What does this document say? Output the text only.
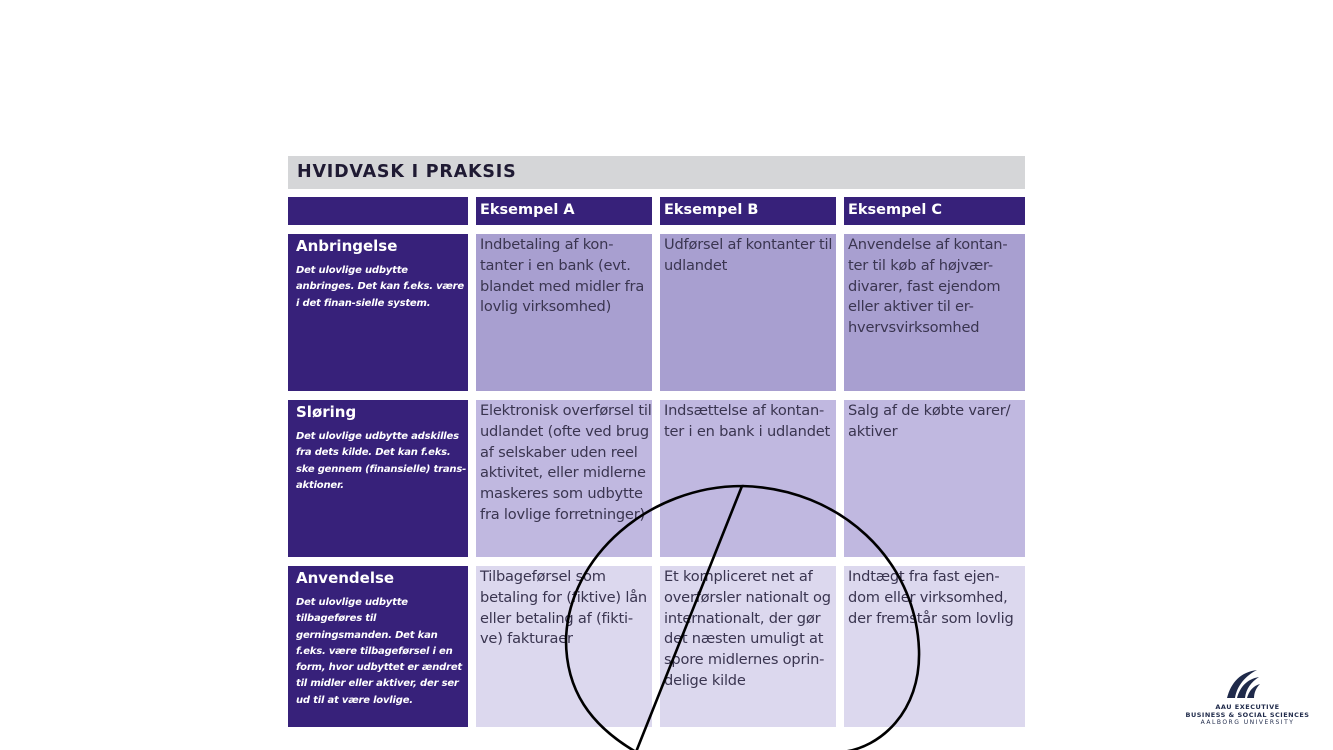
HVIDVASK I PRAKSIS
Eksempel A	Eksempel B	Eksempel C
Anbringelse
Det ulovlige udbytte anbringes. Det kan f.eks. være i det finan-sielle system.
Indbetaling af kon-tanter i en bank (evt. blandet med midler fra lovlig virksomhed)
Udførsel af kontanter til udlandet
Anvendelse af kontan-ter til køb af højvær-divarer, fast ejendom eller aktiver til er-hvervsvirksomhed
Sløring
Det ulovlige udbytte adskilles fra dets kilde. Det kan f.eks. ske gennem (finansielle) trans-aktioner.
Elektronisk overførsel til udlandet (ofte ved brug af selskaber uden reel aktivitet, eller midlerne maskeres som udbytte fra lovlige forretninger)
Indsættelse af kontan-ter i en bank i udlandet
Salg af de købte varer/ aktiver
Anvendelse
Det ulovlige udbytte tilbageføres til gerningsmanden. Det kan f.eks. være tilbageførsel i en form, hvor udbyttet er ændret til midler eller aktiver, der ser ud til at være lovlige.
Tilbageførsel som betaling for (fiktive) lån eller betaling af (fikti-ve) fakturaer
Et kompliceret net af overførsler nationalt og internationalt, der gør det næsten umuligt at spore midlernes oprin-delige kilde
Indtægt fra fast ejen-dom eller virksomhed, der fremstår som lovlig
AAU EXECUTIVE
BUSINESS & SOCIAL SCIENCES
AALBORG UNIVERSITY
